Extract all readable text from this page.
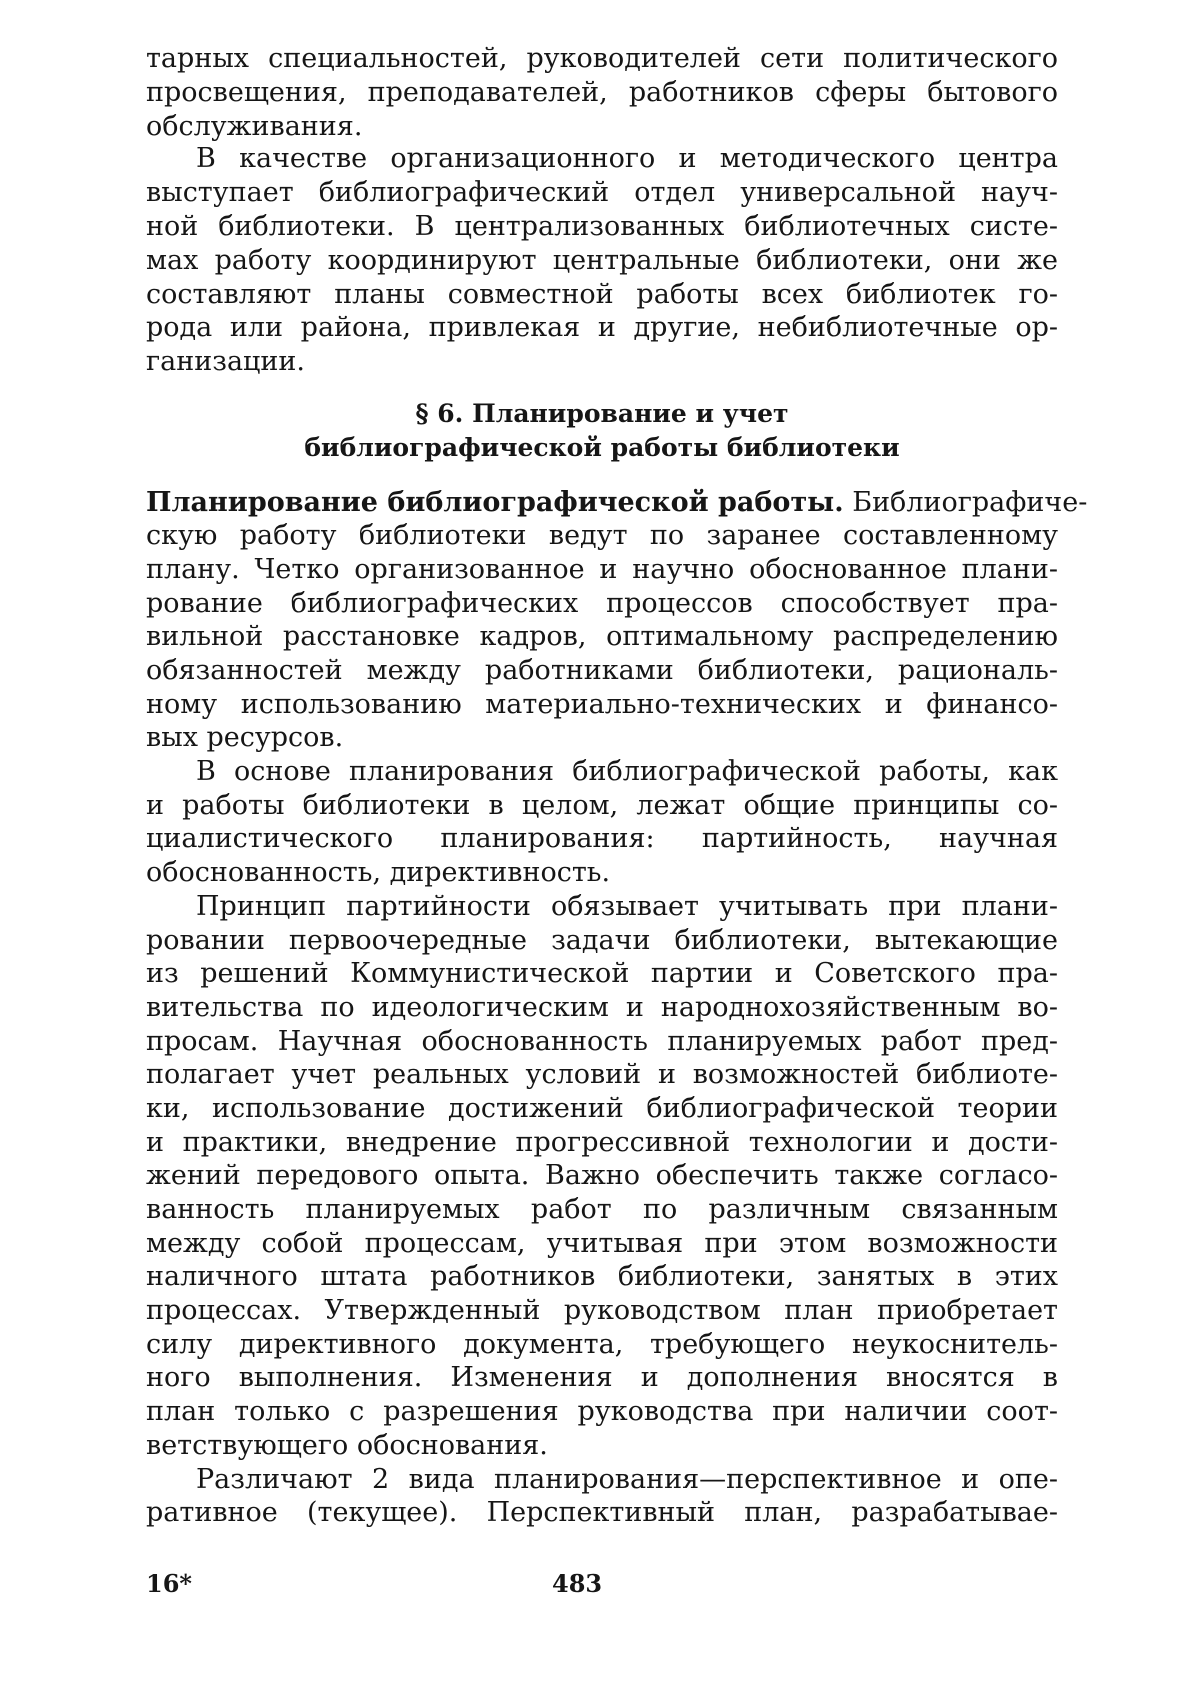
тарных специальностей, руководителей сети политического
просвещения, преподавателей, работников сферы бытового
обслуживания.
В качестве организационного и методического центра
выступает библиографический отдел универсальной науч-
ной библиотеки. В централизованных библиотечных систе-
мах работу координируют центральные библиотеки, они же
составляют планы совместной работы всех библиотек го-
рода или района, привлекая и другие, небиблиотечные ор-
ганизации.
§ 6. Планирование и учет
библиографической работы библиотеки
Планирование библиографической работы. Библиографиче-
скую работу библиотеки ведут по заранее составленному
плану. Четко организованное и научно обоснованное плани-
рование библиографических процессов способствует пра-
вильной расстановке кадров, оптимальному распределению
обязанностей между работниками библиотеки, рациональ-
ному использованию материально-технических и финансо-
вых ресурсов.
В основе планирования библиографической работы, как
и работы библиотеки в целом, лежат общие принципы со-
циалистического планирования: партийность, научная
обоснованность, директивность.
Принцип партийности обязывает учитывать при плани-
ровании первоочередные задачи библиотеки, вытекающие
из решений Коммунистической партии и Советского пра-
вительства по идеологическим и народнохозяйственным во-
просам. Научная обоснованность планируемых работ пред-
полагает учет реальных условий и возможностей библиоте-
ки, использование достижений библиографической теории
и практики, внедрение прогрессивной технологии и дости-
жений передового опыта. Важно обеспечить также согласо-
ванность планируемых работ по различным связанным
между собой процессам, учитывая при этом возможности
наличного штата работников библиотеки, занятых в этих
процессах. Утвержденный руководством план приобретает
силу директивного документа, требующего неукоснитель-
ного выполнения. Изменения и дополнения вносятся в
план только с разрешения руководства при наличии соот-
ветствующего обоснования.
Различают 2 вида планирования—перспективное и опе-
ративное (текущее). Перспективный план, разрабатывае-
16*	483
